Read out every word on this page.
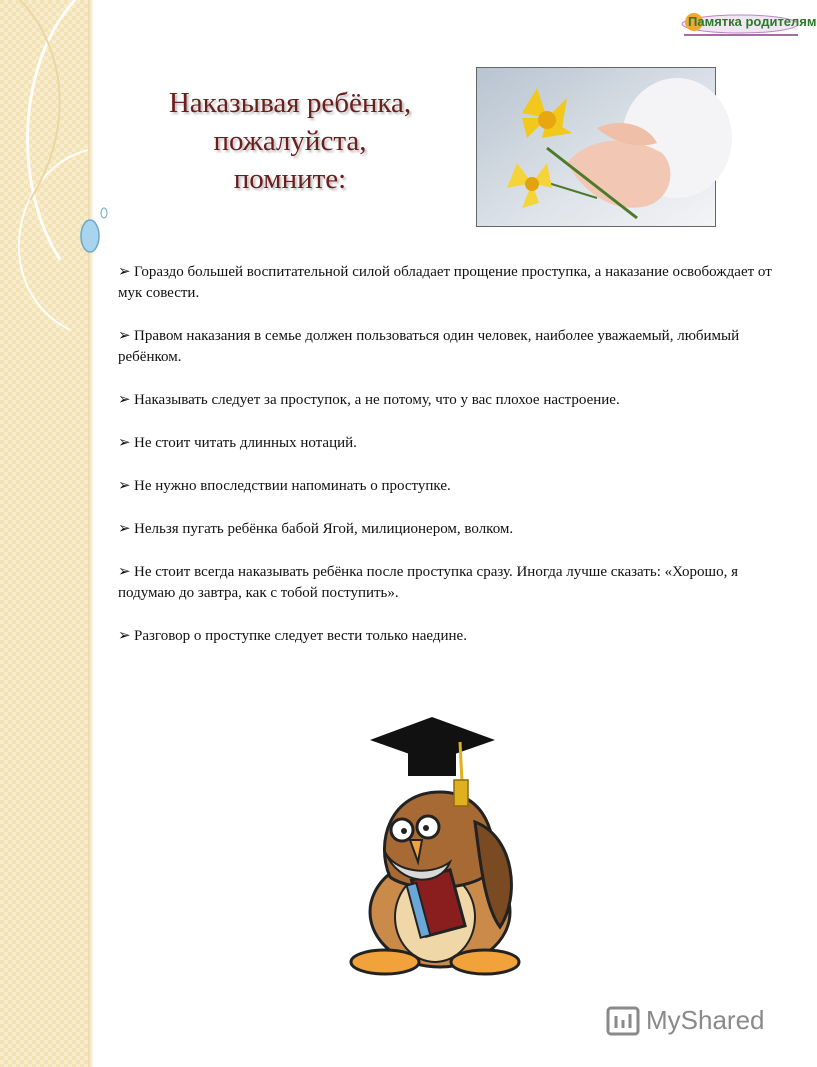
Памятка родителям
Наказывая ребёнка,
пожалуйста,
помните:

➢ Гораздо большей воспитательной силой обладает прощение проступка, а наказание освобождает от мук совести.

➢ Правом наказания в семье должен пользоваться один человек, наиболее уважаемый, любимый ребёнком.

➢ Наказывать следует за проступок, а не потому, что у вас плохое настроение.

➢ Не стоит читать длинных нотаций.

➢ Не нужно впоследствии напоминать о проступке.

➢ Нельзя пугать ребёнка бабой Ягой, милиционером, волком.

➢ Не стоит всегда наказывать ребёнка после проступка сразу. Иногда лучше сказать: «Хорошо, я подумаю до завтра, как с тобой поступить».

➢ Разговор о проступке следует вести только наедине.

MyShared
